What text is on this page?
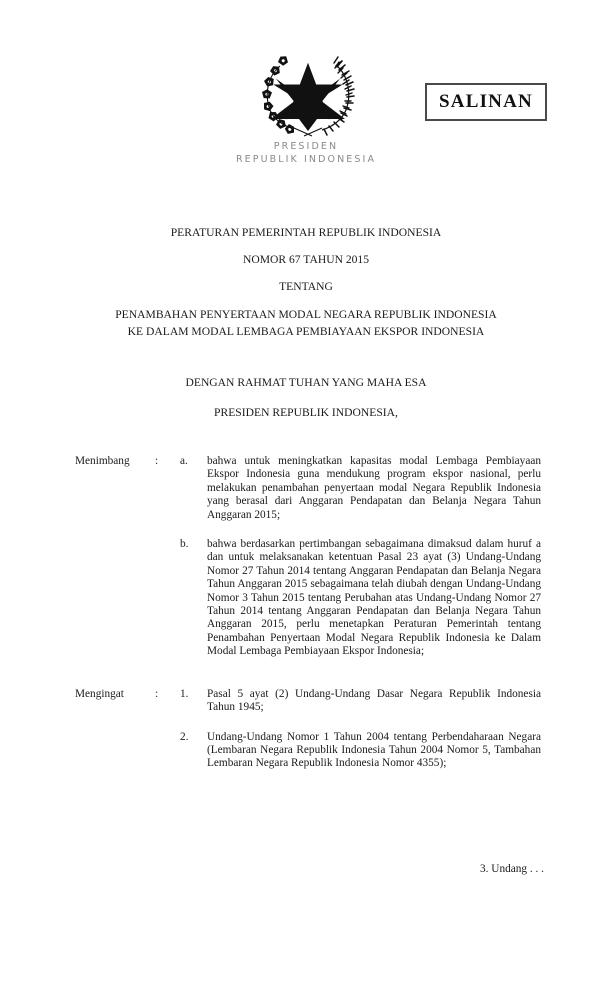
PRESIDEN
REPUBLIK INDONESIA
SALINAN
PERATURAN PEMERINTAH REPUBLIK INDONESIA
NOMOR 67 TAHUN 2015
TENTANG
PENAMBAHAN PENYERTAAN MODAL NEGARA REPUBLIK INDONESIA
KE DALAM MODAL LEMBAGA PEMBIAYAAN EKSPOR INDONESIA
DENGAN RAHMAT TUHAN YANG MAHA ESA
PRESIDEN REPUBLIK INDONESIA,
Menimbang	: a.	bahwa untuk meningkatkan kapasitas modal Lembaga Pembiayaan Ekspor Indonesia guna mendukung program ekspor nasional, perlu melakukan penambahan penyertaan modal Negara Republik Indonesia yang berasal dari Anggaran Pendapatan dan Belanja Negara Tahun Anggaran 2015;
b.	bahwa berdasarkan pertimbangan sebagaimana dimaksud dalam huruf a dan untuk melaksanakan ketentuan Pasal 23 ayat (3) Undang-Undang Nomor 27 Tahun 2014 tentang Anggaran Pendapatan dan Belanja Negara Tahun Anggaran 2015 sebagaimana telah diubah dengan Undang-Undang Nomor 3 Tahun 2015 tentang Perubahan atas Undang-Undang Nomor 27 Tahun 2014 tentang Anggaran Pendapatan dan Belanja Negara Tahun Anggaran 2015, perlu menetapkan Peraturan Pemerintah tentang Penambahan Penyertaan Modal Negara Republik Indonesia ke Dalam Modal Lembaga Pembiayaan Ekspor Indonesia;
Mengingat	: 1.	Pasal 5 ayat (2) Undang-Undang Dasar Negara Republik Indonesia Tahun 1945;
2.	Undang-Undang Nomor 1 Tahun 2004 tentang Perbendaharaan Negara (Lembaran Negara Republik Indonesia Tahun 2004 Nomor 5, Tambahan Lembaran Negara Republik Indonesia Nomor 4355);
3. Undang . . .
